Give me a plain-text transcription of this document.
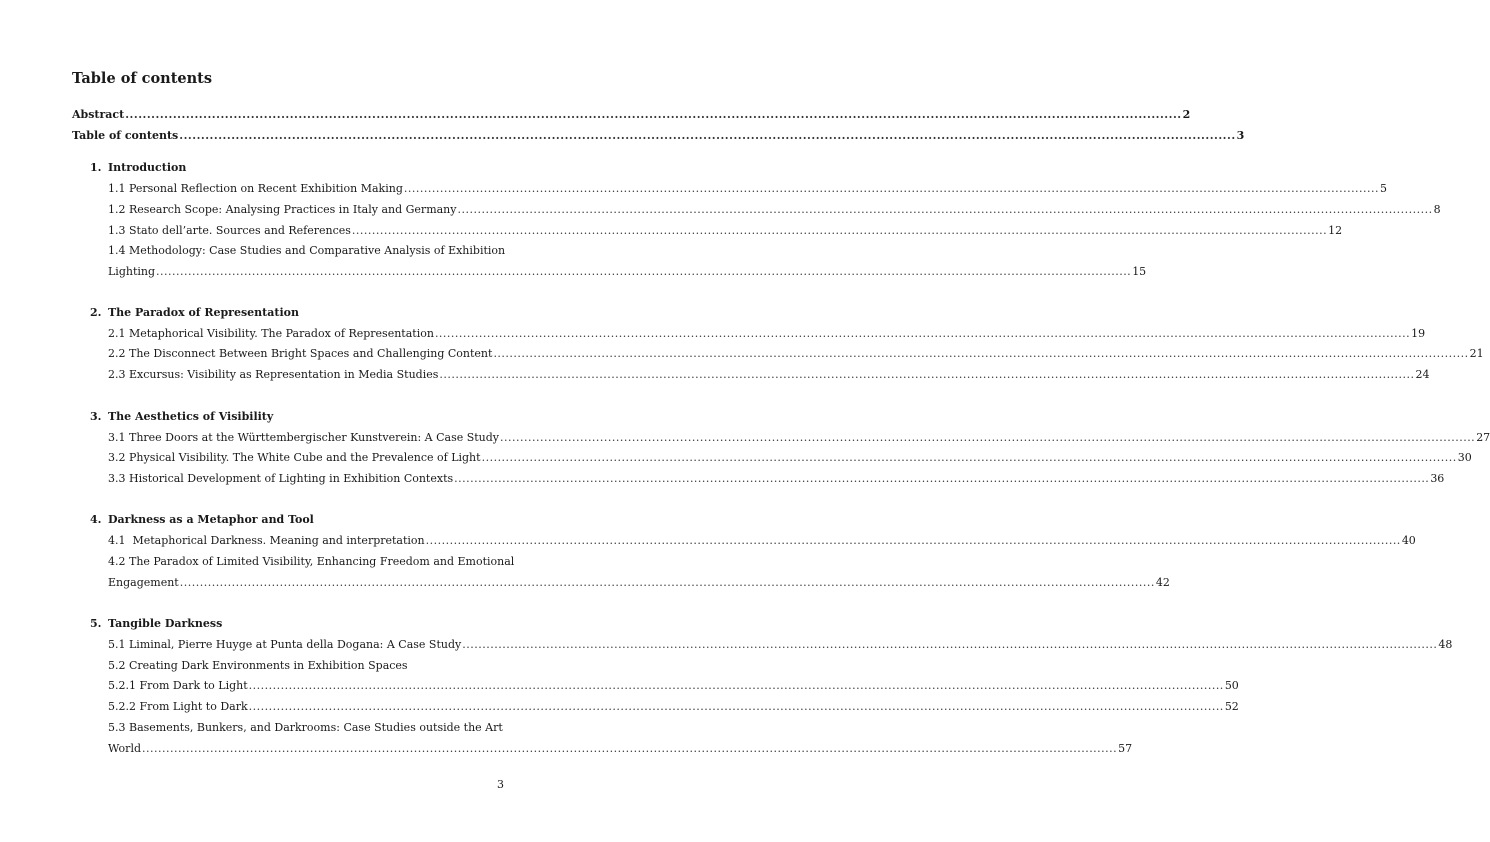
Table of contents
Abstract .....	2
Table of contents .....	3
1. Introduction
1.1 Personal Reflection on Recent Exhibition Making .....	5
1.2 Research Scope: Analysing Practices in Italy and Germany .....	8
1.3 Stato dell’arte. Sources and References .....	12
1.4 Methodology: Case Studies and Comparative Analysis of Exhibition
Lighting .....	15
2. The Paradox of Representation
2.1 Metaphorical Visibility. The Paradox of Representation .....	19
2.2 The Disconnect Between Bright Spaces and Challenging Content .....	21
2.3 Excursus: Visibility as Representation in Media Studies .....	24
3. The Aesthetics of Visibility
3.1 Three Doors at the Württembergischer Kunstverein: A Case Study .....	27
3.2 Physical Visibility. The White Cube and the Prevalence of Light .....	30
3.3 Historical Development of Lighting in Exhibition Contexts .....	36
4. Darkness as a Metaphor and Tool
4.1  Metaphorical Darkness. Meaning and interpretation .....	40
4.2 The Paradox of Limited Visibility, Enhancing Freedom and Emotional
Engagement .....	42
5. Tangible Darkness
5.1 Liminal, Pierre Huyge at Punta della Dogana: A Case Study .....	48
5.2 Creating Dark Environments in Exhibition Spaces
5.2.1 From Dark to Light .....	50
5.2.2 From Light to Dark .....	52
5.3 Basements, Bunkers, and Darkrooms: Case Studies outside the Art
World .....	57
3
